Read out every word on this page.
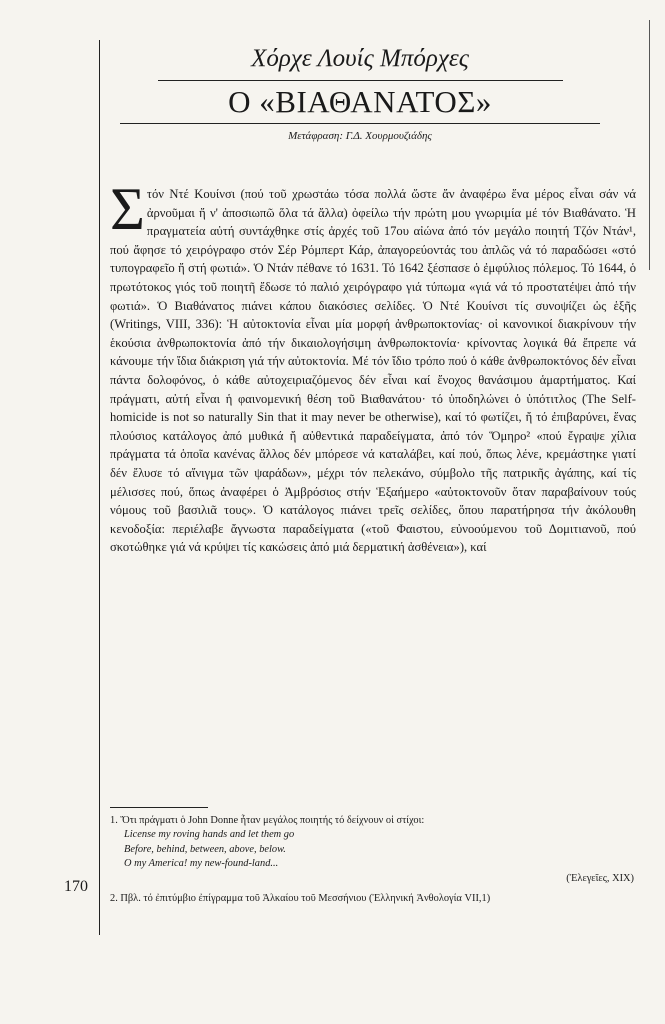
Χόρχε Λουίς Μπόρχες
Ο «ΒΙΑΘΑΝΑΤΟΣ»
Μετάφραση: Γ.Δ. Χουρμουζιάδης
Σ τόν Ντέ Κουίνσι (πού τοῦ χρωστάω τόσα πολλά ὥστε ἄν ἀναφέρω ἕνα μέρος εἶναι σάν νά ἀρνοῦμαι ἤ ν' ἀποσιωπῶ ὅλα τά ἄλλα) ὀφείλω τήν πρώτη μου γνωριμία μέ τόν Βιαθάνατο. Ἡ πραγματεία αὐτή συντάχθηκε στίς ἀρχές τοῦ 17ου αἰώνα ἀπό τόν μεγάλο ποιητή Τζόν Ντάν¹, πού ἄφησε τό χειρόγραφο στόν Σέρ Ρόμπερτ Κάρ, ἀπαγορεύοντάς του ἁπλῶς νά τό παραδώσει «στό τυπογραφεῖο ἤ στή φωτιά». Ὁ Ντάν πέθανε τό 1631. Τό 1642 ξέσπασε ὁ ἐμφύλιος πόλεμος. Τό 1644, ὁ πρωτότοκος γιός τοῦ ποιητῆ ἔδωσε τό παλιό χειρόγραφο γιά τύπωμα «γιά νά τό προστατέψει ἀπό τήν φωτιά». Ὁ Βιαθάνατος πιάνει κάπου διακόσιες σελίδες. Ὁ Ντέ Κουίνσι τίς συνοψίζει ὡς ἑξῆς (Writings, VIII, 336): Ἡ αὐτοκτονία εἶναι μία μορφή ἀνθρωποκτονίας· οἱ κανονικοί διακρίνουν τήν ἑκούσια ἀνθρωποκτονία ἀπό τήν δικαιολογήσιμη ἀνθρωποκτονία· κρίνοντας λογικά θά ἔπρεπε νά κάνουμε τήν ἴδια διάκριση γιά τήν αὐτοκτονία. Μέ τόν ἴδιο τρόπο πού ὁ κάθε ἀνθρωποκτόνος δέν εἶναι πάντα δολοφόνος, ὁ κάθε αὐτοχειριαζόμενος δέν εἶναι καί ἔνοχος θανάσιμου ἁμαρτήματος. Καί πράγματι, αὐτή εἶναι ἡ φαινομενική θέση τοῦ Βιαθανάτου· τό ὑποδηλώνει ὁ ὑπότιτλος (The Self-homicide is not so naturally Sin that it may never be otherwise), καί τό φωτίζει, ἤ τό ἐπιβαρύνει, ἕνας πλούσιος κατάλογος ἀπό μυθικά ἤ αὐθεντικά παραδείγματα, ἀπό τόν Ὅμηρο² «πού ἔγραψε χίλια πράγματα τά ὁποῖα κανένας ἄλλος δέν μπόρεσε νά καταλάβει, καί πού, ὅπως λένε, κρεμάστηκε γιατί δέν ἔλυσε τό αἴνιγμα τῶν ψαράδων», μέχρι τόν πελεκάνο, σύμβολο τῆς πατρικῆς ἀγάπης, καί τίς μέλισσες πού, ὅπως ἀναφέρει ὁ Ἀμβρόσιος στήν Ἑξαήμερο «αὐτοκτονοῦν ὅταν παραβαίνουν τούς νόμους τοῦ βασιλιᾶ τους». Ὁ κατάλογος πιάνει τρεῖς σελίδες, ὅπου παρατήρησα τήν ἀκόλουθη κενοδοξία: περιέλαβε ἄγνωστα παραδείγματα («τοῦ Φαιστου, εὐνοούμενου τοῦ Δομιτιανοῦ, πού σκοτώθηκε γιά νά κρύψει τίς κακώσεις ἀπό μιά δερματική ἀσθένεια»), καί

1. Ὅτι πράγματι ὁ John Donne ἦταν μεγάλος ποιητής τό δείχνουν οἱ στίχοι:
License my roving hands and let them go
Before, behind, between, above, below.
O my America! my new-found-land...
(Ἐλεγεῖες, XIX)
2. Πβλ. τό ἐπιτύμβιο ἐπίγραμμα τοῦ Ἀλκαίου τοῦ Μεσσήνιου (Ἑλληνική Ἀνθολογία VII,1)
170
